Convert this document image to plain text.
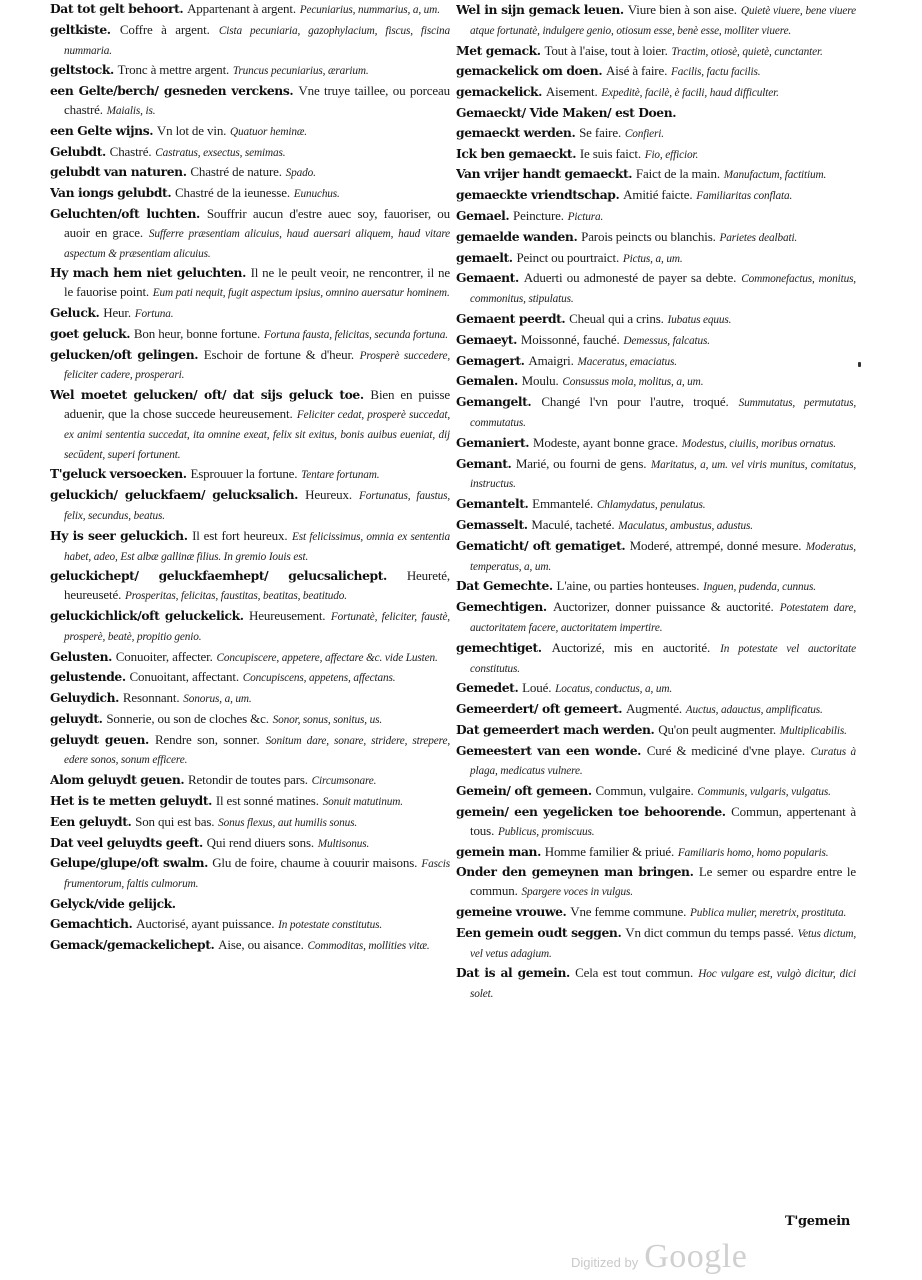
Dat tot gelt behoort. Appartenant à argent. Pecuniarius, nummarius, a, um.
geltkiste. Coffre à argent. Cista pecuniaria, gazophylacium, fiscus, fiscina nummaria.
geltstock. Tronc à mettre argent. Truncus pecuniarius, ærarium.
een Gelte/berch/ gesneden verckens. Vne truye taillee, ou porceau chastré. Maialis, is.
een Gelte wijns. Vn lot de vin. Quatuor heminæ.
Gelubdt. Chastré. Castratus, exsectus, semimas.
gelubdt van naturen. Chastré de nature. Spado.
Van iongs gelubdt. Chastré de la ieunesse. Eunuchus.
Geluchten/oft luchten. Souffrir aucun d'estre auec soy, fauoriser, ou auoir en grace. Sufferre præsentiam alicuius, haud auersari aliquem, haud vitare aspectum & præsentiam alicuius.
Hy mach hem niet geluchten. Il ne le peult veoir, ne rencontrer, il ne le fauorise point. Eum pati nequit, fugit aspectum ipsius, omnino auersatur hominem.
Geluck. Heur. Fortuna.
goet geluck. Bon heur, bonne fortune. Fortuna fausta, felicitas, secunda fortuna.
gelucken/oft gelingen. Eschoir de fortune & d'heur. Prosperè succedere, feliciter cadere, prosperari.
Wel moetet gelucken/ oft/ dat sijs geluck toe. Bien en puisse aduenir, que la chose succede heureusement. Feliciter cedat, prosperè succedat, ex animi sententia succedat, ita omnine exeat, felix sit exitus, bonis auibus eueniat, dij secūdent, superi fortunent.
T'geluck versoecken. Esprouuer la fortune. Tentare fortunam.
geluckich/ geluckfaem/ gelucksalich. Heureux. Fortunatus, faustus, felix, secundus, beatus.
Hy is seer geluckich. Il est fort heureux. Est felicissimus, omnia ex sententia habet, adeo, Est albæ gallinæ filius. In gremio Iouis est.
geluckichept/ geluckfaemhept/ gelucsalichept. Heureté, heureuseté. Prosperitas, felicitas, faustitas, beatitas, beatitudo.
geluckichlick/oft geluckelick. Heureusement. Fortunatè, feliciter, faustè, prosperè, beatè, propitio genio.
Gelusten. Conuoiter, affecter. Concupiscere, appetere, affectare &c. vide Lusten.
gelustende. Conuoitant, affectant. Concupiscens, appetens, affectans.
Geluydich. Resonnant. Sonorus, a, um.
geluydt. Sonnerie, ou son de cloches &c. Sonor, sonus, sonitus, us.
geluydt geuen. Rendre son, sonner. Sonitum dare, sonare, stridere, strepere, edere sonos, sonum efficere.
Alom geluydt geuen. Retondir de toutes pars. Circumsonare.
Het is te metten geluydt. Il est sonné matines. Sonuit matutinum.
Een geluydt. Son qui est bas. Sonus flexus, aut humilis sonus.
Dat veel geluydts geeft. Qui rend diuers sons. Multisonus.
Gelupe/glupe/oft swalm. Glu de foire, chaume à couurir maisons. Fascis frumentorum, faltis culmorum.
Gelyck/vide gelijck.
Gemachtich. Auctorisé, ayant puissance. In potestate constitutus.
Gemack/gemackelichept. Aise, ou aisance. Commoditas, mollities vitæ.
Wel in sijn gemack leuen. Viure bien à son aise. Quietè viuere, bene viuere atque fortunatè, indulgere genio, otiosum esse, benè esse, molliter viuere.
Met gemack. Tout à l'aise, tout à loier. Tractim, otiosè, quietè, cunctanter.
gemackelick om doen. Aisé à faire. Facilis, factu facilis.
gemackelick. Aisement. Expeditè, facilè, è facili, haud difficulter.
Gemaeckt/ Vide Maken/ est Doen.
gemaeckt werden. Se faire. Confieri.
Ick ben gemaeckt. Ie suis faict. Fio, efficior.
Van vrijer handt gemaeckt. Faict de la main. Manufactum, factitium.
gemaeckte vriendtschap. Amitié faicte. Familiaritas conflata.
Gemael. Peincture. Pictura.
gemaelde wanden. Parois peincts ou blanchis. Parietes dealbati.
gemaelt. Peinct ou pourtraict. Pictus, a, um.
Gemaent. Aduerti ou admonesté de payer sa debte. Commonefactus, monitus, commonitus, stipulatus.
Gemaent peerdt. Cheual qui a crins. Iubatus equus.
Gemaeyt. Moissonné, fauché. Demessus, falcatus.
Gemagert. Amaigri. Maceratus, emaciatus.
Gemalen. Moulu. Consussus mola, molitus, a, um.
Gemangelt. Changé l'vn pour l'autre, troqué. Summutatus, permutatus, commutatus.
Gemaniert. Modeste, ayant bonne grace. Modestus, ciuilis, moribus ornatus.
Gemant. Marié, ou fourni de gens. Maritatus, a, um. vel viris munitus, comitatus, instructus.
Gemantelt. Emmantelé. Chlamydatus, penulatus.
Gemasselt. Maculé, tacheté. Maculatus, ambustus, adustus.
Gematicht/ oft gematiget. Moderé, attrempé, donné mesure. Moderatus, temperatus, a, um.
Dat Gemechte. L'aine, ou parties honteuses. Inguen, pudenda, cunnus.
Gemechtigen. Auctorizer, donner puissance & auctorité. Potestatem dare, auctoritatem facere, auctoritatem impertire.
gemechtiget. Auctorizé, mis en auctorité. In potestate vel auctoritate constitutus.
Gemedet. Loué. Locatus, conductus, a, um.
Gemeerdert/ oft gemeert. Augmenté. Auctus, adauctus, amplificatus.
Dat gemeerdert mach werden. Qu'on peult augmenter. Multiplicabilis.
Gemeestert van een wonde. Curé & mediciné d'vne playe. Curatus à plaga, medicatus vulnere.
Gemein/ oft gemeen. Commun, vulgaire. Communis, vulgaris, vulgatus.
gemein/ een yegelicken toe behoorende. Commun, appertenant à tous. Publicus, promiscuus.
gemein man. Homme familier & priué. Familiaris homo, homo popularis.
Onder den gemeynen man bringen. Le semer ou espardre entre le commun. Spargere voces in vulgus.
gemeine vrouwe. Vne femme commune. Publica mulier, meretrix, prostituta.
Een gemein oudt seggen. Vn dict commun du temps passé. Vetus dictum, vel vetus adagium.
Dat is al gemein. Cela est tout commun. Hoc vulgare est, vulgò dicitur, dici solet.
T'gemein
Digitized by Google
